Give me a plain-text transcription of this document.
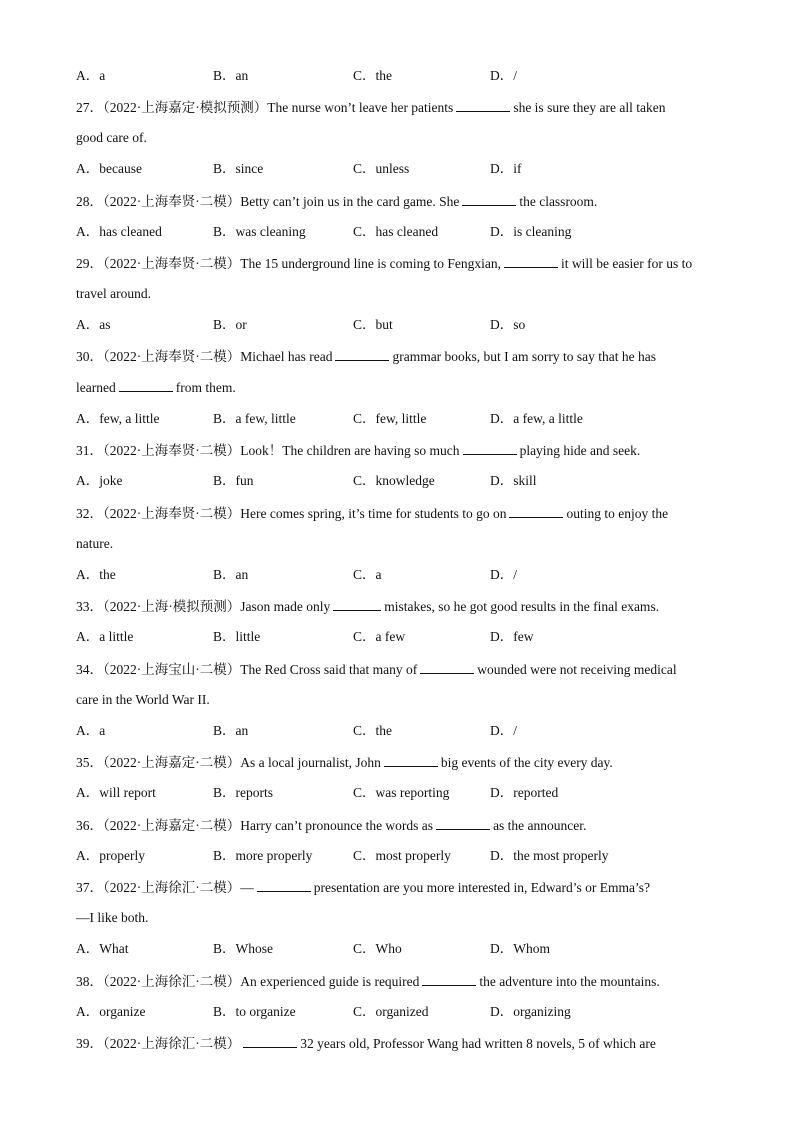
A．a	B．an	C．the	D．/
27．（2022·上海嘉定·模拟预测）The nurse won’t leave her patients	she is sure they are all taken
good care of.
A．because	B．since	C．unless	D．if
28．（2022·上海奉贤·二模）Betty can’t join us in the card game. She	the classroom.
A．has cleaned	B．was cleaning	C．has cleaned	D．is cleaning
29．（2022·上海奉贤·二模）The 15 underground line is coming to Fengxian,	it will be easier for us to
travel around.
A．as	B．or	C．but	D．so
30．（2022·上海奉贤·二模）Michael has read	grammar books, but I am sorry to say that he has
learned	from them.
A．few, a little	B．a few, little	C．few, little	D．a few, a little
31．（2022·上海奉贤·二模）Look！The children are having so much	playing hide and seek.
A．joke	B．fun	C．knowledge	D．skill
32．（2022·上海奉贤·二模）Here comes spring, it’s time for students to go on	outing to enjoy the
nature.
A．the	B．an	C．a	D．/
33．（2022·上海·模拟预测）Jason made only	mistakes, so he got good results in the final exams.
A．a little	B．little	C．a few	D．few
34．（2022·上海宝山·二模）The Red Cross said that many of	wounded were not receiving medical
care in the World War II.
A．a	B．an	C．the	D．/
35．（2022·上海嘉定·二模）As a local journalist, John	big events of the city every day.
A．will report	B．reports	C．was reporting	D．reported
36．（2022·上海嘉定·二模）Harry can’t pronounce the words as	as the announcer.
A．properly	B．more properly	C．most properly	D．the most properly
37．（2022·上海徐汇·二模）—	presentation are you more interested in, Edward’s or Emma’s?
—I like both.
A．What	B．Whose	C．Who	D．Whom
38．（2022·上海徐汇·二模）An experienced guide is required	the adventure into the mountains.
A．organize	B．to organize	C．organized	D．organizing
39．（2022·上海徐汇·二模）	32 years old, Professor Wang had written 8 novels, 5 of which are
